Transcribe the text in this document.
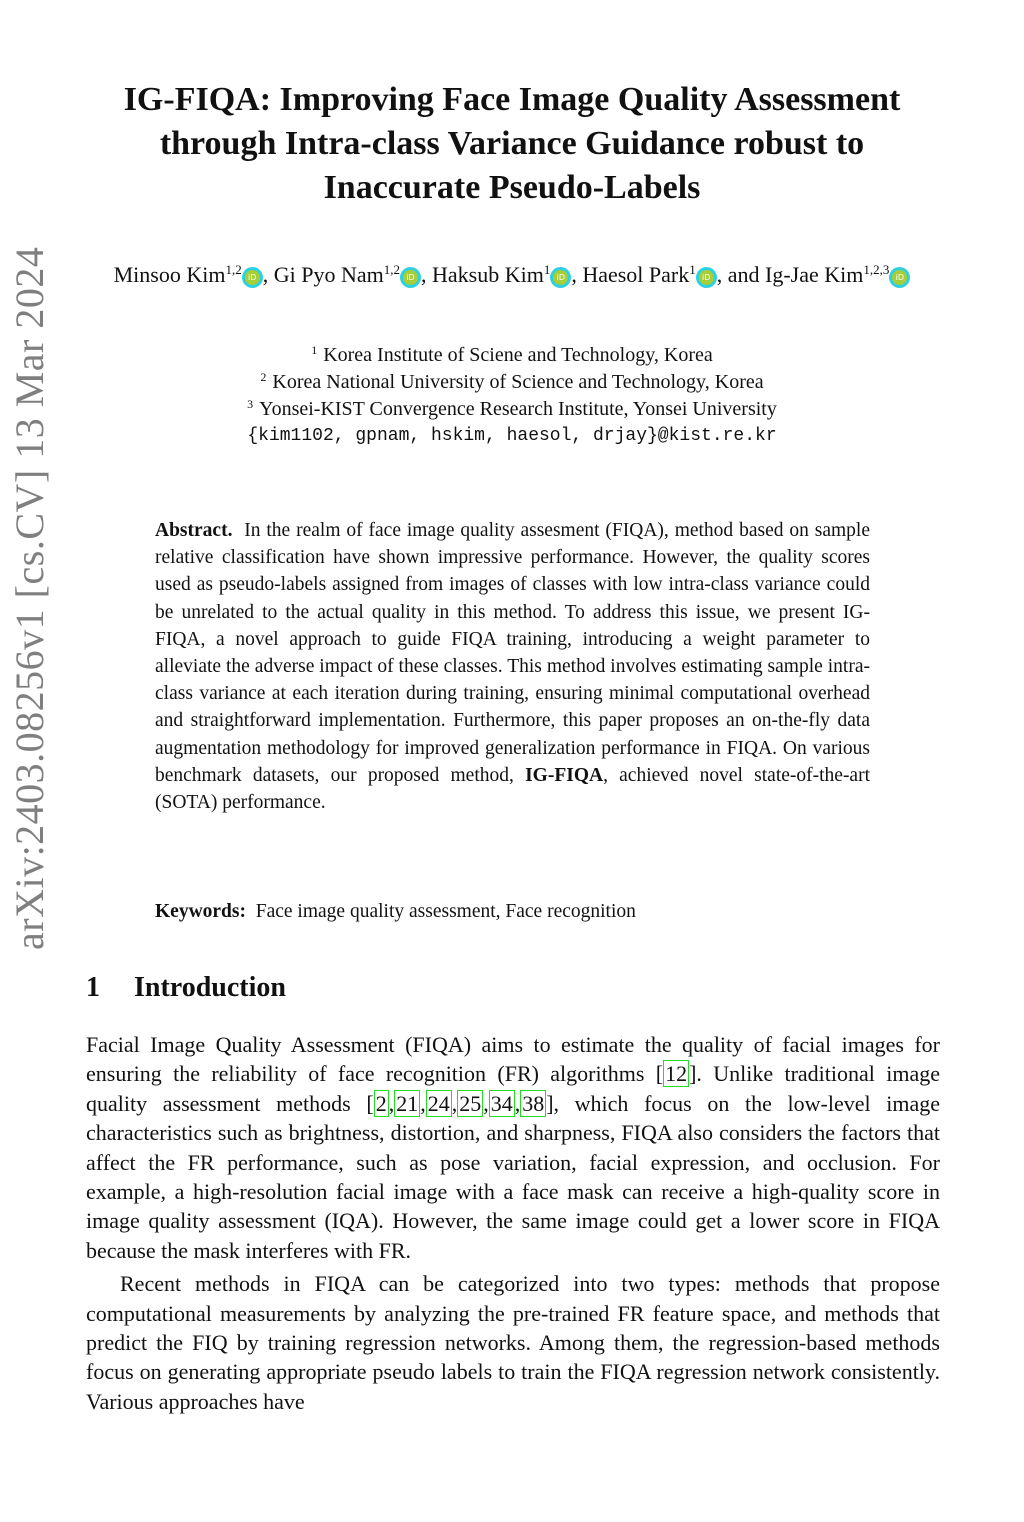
arXiv:2403.08256v1 [cs.CV] 13 Mar 2024
IG-FIQA: Improving Face Image Quality Assessment through Intra-class Variance Guidance robust to Inaccurate Pseudo-Labels
Minsoo Kim$^{1,2}$iD , Gi Pyo Nam$^{1,2}$iD , Haksub Kim$^1$iD , Haesol Park$^1$iD , and Ig-Jae Kim$^{1,2,3}$iD
$^1$ Korea Institute of Sciene and Technology, Korea
$^2$ Korea National University of Science and Technology, Korea
$^3$ Yonsei-KIST Convergence Research Institute, Yonsei University
{kim1102, gpnam, hskim, haesol, drjay}@kist.re.kr
Abstract. In the realm of face image quality assesment (FIQA), method based on sample relative classification have shown impressive performance. However, the quality scores used as pseudo-labels assigned from images of classes with low intra-class variance could be unrelated to the actual quality in this method. To address this issue, we present IG-FIQA, a novel approach to guide FIQA training, introducing a weight parameter to alleviate the adverse impact of these classes. This method involves estimating sample intra-class variance at each iteration during training, ensuring minimal computational overhead and straightforward implementation. Furthermore, this paper proposes an on-the-fly data augmentation methodology for improved generalization performance in FIQA. On various benchmark datasets, our proposed method, IG-FIQA, achieved novel state-of-the-art (SOTA) performance.
Keywords: Face image quality assessment, Face recognition
1 Introduction

Facial Image Quality Assessment (FIQA) aims to estimate the quality of facial images for ensuring the reliability of face recognition (FR) algorithms [12]. Unlike traditional image quality assessment methods [2,21,24,25,34,38], which focus on the low-level image characteristics such as brightness, distortion, and sharpness, FIQA also considers the factors that affect the FR performance, such as pose variation, facial expression, and occlusion. For example, a high-resolution facial image with a face mask can receive a high-quality score in image quality assessment (IQA). However, the same image could get a lower score in FIQA because the mask interferes with FR.

Recent methods in FIQA can be categorized into two types: methods that propose computational measurements by analyzing the pre-trained FR feature space, and methods that predict the FIQ by training regression networks. Among them, the regression-based methods focus on generating appropriate pseudo labels to train the FIQA regression network consistently. Various approaches have
